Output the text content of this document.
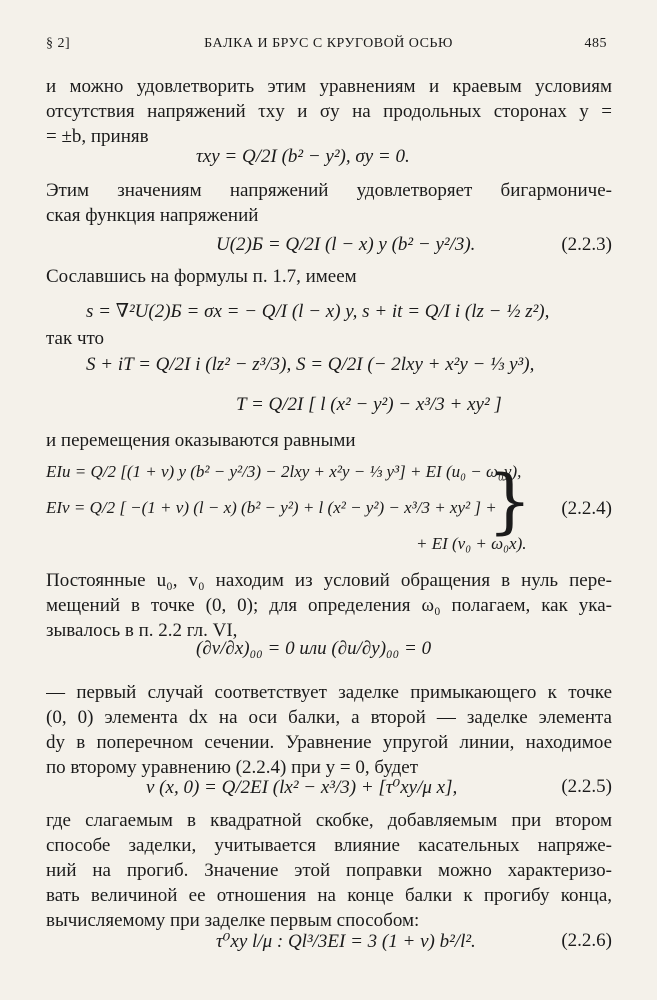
§ 2]	БАЛКА И БРУС С КРУГОВОЙ ОСЬЮ	485
и можно удовлетворить этим уравнениям и краевым условиям
отсутствия напряжений τxy и σy на продольных сторонах y =
= ±b, приняв
τxy = Q/2I (b² − y²), σy = 0.
Этим значениям напряжений удовлетворяет бигармониче-
ская функция напряжений
U(2)Б = Q/2I (l − x) y (b² − y²/3).	(2.2.3)
Сославшись на формулы п. 1.7, имеем
s = ∇²U(2)Б = σx = − Q/I (l − x) y, s + it = Q/I i (lz − ½ z²),
так что
S + iT = Q/2I i (lz² − z³/3), S = Q/2I (− 2lxy + x²y − ⅓ y³),
T = Q/2I [ l (x² − y²) − x³/3 + xy² ]
и перемещения оказываются равными
EIu = Q/2 [(1 + ν) y (b² − y²/3) − 2lxy + x²y − ⅓ y³] + EI (u₀ − ω₀y),
EIv = Q/2 [ −(1 + ν) (l − x) (b² − y²) + l (x² − y²) − x³/3 + xy² ] +
+ EI (v₀ + ω₀x).
} (2.2.4)
Постоянные u₀, v₀ находим из условий обращения в нуль пере-
мещений в точке (0, 0); для определения ω₀ полагаем, как ука-
зывалось в п. 2.2 гл. VI,
(∂v/∂x)₀₀ = 0 или (∂u/∂y)₀₀ = 0
— первый случай соответствует заделке примыкающего к точке
(0, 0) элемента dx на оси балки, а второй — заделке элемента
dy в поперечном сечении. Уравнение упругой линии, находимое
по второму уравнению (2.2.4) при y = 0, будет
v (x, 0) = Q/2EI (lx² − x³/3) + [τ⁰xy/μ x],	(2.2.5)
где слагаемым в квадратной скобке, добавляемым при втором
способе заделки, учитывается влияние касательных напряже-
ний на прогиб. Значение этой поправки можно характеризо-
вать величиной ее отношения на конце балки к прогибу конца,
вычисляемому при заделке первым способом:
τ⁰xy l/μ : Ql³/3EI = 3 (1 + ν) b²/l².	(2.2.6)
